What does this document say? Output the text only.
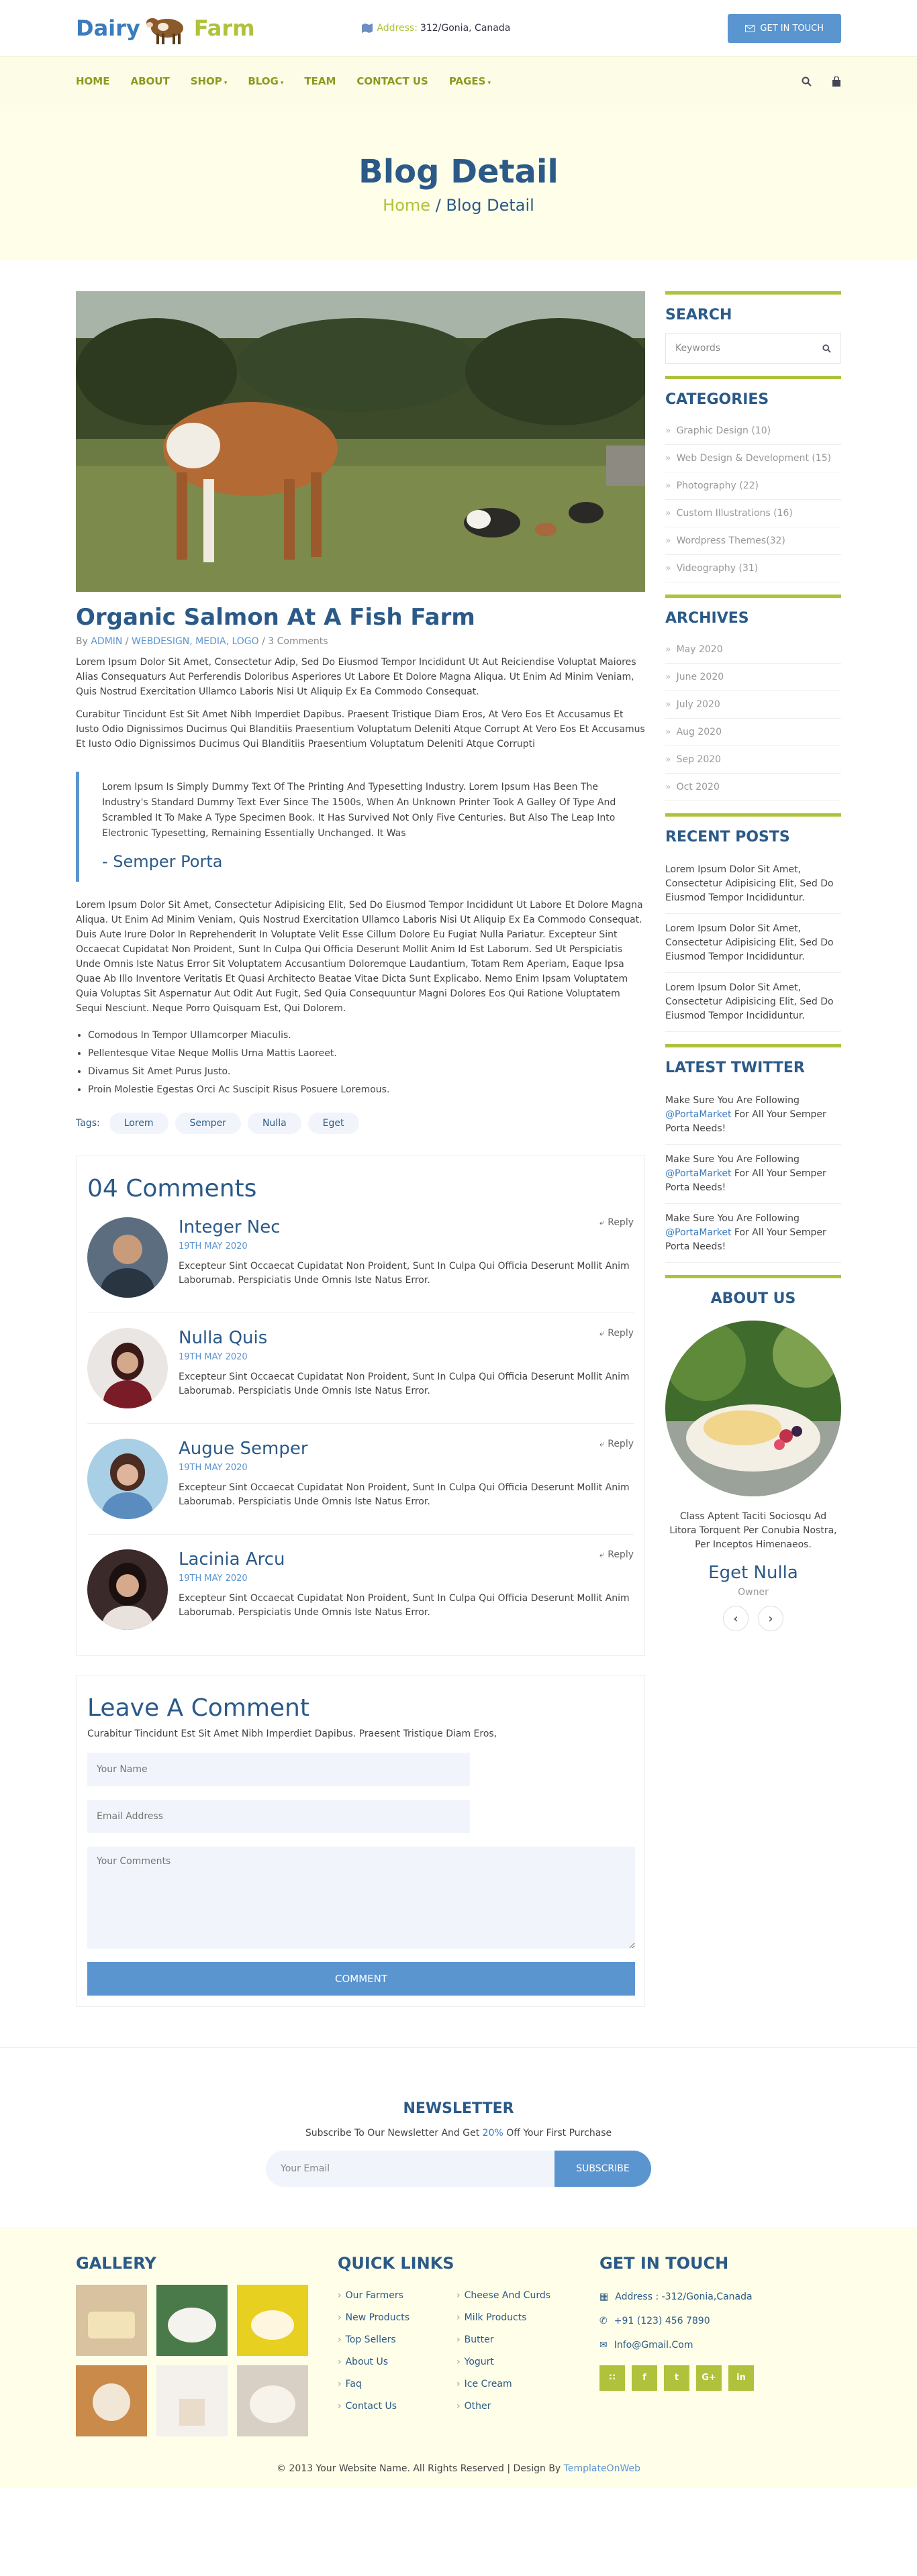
Dairy	Farm	Address: 312/Gonia, Canada	GET IN TOUCH
HOME ABOUT SHOP ▾ BLOG ▾ TEAM CONTACT US PAGES ▾
Blog Detail
Home / Blog Detail
Organic Salmon At A Fish Farm
By ADMIN / WEBDESIGN, MEDIA, LOGO / 3 Comments

Lorem Ipsum Dolor Sit Amet, Consectetur Adip, Sed Do Eiusmod Tempor Incididunt Ut Aut Reiciendise Voluptat Maiores Alias Consequaturs Aut Perferendis Doloribus Asperiores Ut Labore Et Dolore Magna Aliqua. Ut Enim Ad Minim Veniam, Quis Nostrud Exercitation Ullamco Laboris Nisi Ut Aliquip Ex Ea Commodo Consequat.

Curabitur Tincidunt Est Sit Amet Nibh Imperdiet Dapibus. Praesent Tristique Diam Eros, At Vero Eos Et Accusamus Et Iusto Odio Dignissimos Ducimus Qui Blanditiis Praesentium Voluptatum Deleniti Atque Corrupt At Vero Eos Et Accusamus Et Iusto Odio Dignissimos Ducimus Qui Blanditiis Praesentium Voluptatum Deleniti Atque Corrupti

Lorem Ipsum Is Simply Dummy Text Of The Printing And Typesetting Industry. Lorem Ipsum Has Been The Industry's Standard Dummy Text Ever Since The 1500s, When An Unknown Printer Took A Galley Of Type And Scrambled It To Make A Type Specimen Book. It Has Survived Not Only Five Centuries. But Also The Leap Into Electronic Typesetting, Remaining Essentially Unchanged. It Was

- Semper Porta

Lorem Ipsum Dolor Sit Amet, Consectetur Adipisicing Elit, Sed Do Eiusmod Tempor Incididunt Ut Labore Et Dolore Magna Aliqua. Ut Enim Ad Minim Veniam, Quis Nostrud Exercitation Ullamco Laboris Nisi Ut Aliquip Ex Ea Commodo Consequat. Duis Aute Irure Dolor In Reprehenderit In Voluptate Velit Esse Cillum Dolore Eu Fugiat Nulla Pariatur. Excepteur Sint Occaecat Cupidatat Non Proident, Sunt In Culpa Qui Officia Deserunt Mollit Anim Id Est Laborum. Sed Ut Perspiciatis Unde Omnis Iste Natus Error Sit Voluptatem Accusantium Doloremque Laudantium, Totam Rem Aperiam, Eaque Ipsa Quae Ab Illo Inventore Veritatis Et Quasi Architecto Beatae Vitae Dicta Sunt Explicabo. Nemo Enim Ipsam Voluptatem Quia Voluptas Sit Aspernatur Aut Odit Aut Fugit, Sed Quia Consequuntur Magni Dolores Eos Qui Ratione Voluptatem Sequi Nesciunt. Neque Porro Quisquam Est, Qui Dolorem.

• Comodous In Tempor Ullamcorper Miaculis.
• Pellentesque Vitae Neque Mollis Urna Mattis Laoreet.
• Divamus Sit Amet Purus Justo.
• Proin Molestie Egestas Orci Ac Suscipit Risus Posuere Loremous.
Tags:	Lorem	Semper	Nulla	Eget
04 Comments
Integer Nec	⤶ Reply
19TH MAY 2020
Excepteur Sint Occaecat Cupidatat Non Proident, Sunt In Culpa Qui Officia Deserunt Mollit Anim Laborumab. Perspiciatis Unde Omnis Iste Natus Error.
Nulla Quis	⤶ Reply
19TH MAY 2020
Excepteur Sint Occaecat Cupidatat Non Proident, Sunt In Culpa Qui Officia Deserunt Mollit Anim Laborumab. Perspiciatis Unde Omnis Iste Natus Error.
Augue Semper	⤶ Reply
19TH MAY 2020
Excepteur Sint Occaecat Cupidatat Non Proident, Sunt In Culpa Qui Officia Deserunt Mollit Anim Laborumab. Perspiciatis Unde Omnis Iste Natus Error.
Lacinia Arcu	⤶ Reply
19TH MAY 2020
Excepteur Sint Occaecat Cupidatat Non Proident, Sunt In Culpa Qui Officia Deserunt Mollit Anim Laborumab. Perspiciatis Unde Omnis Iste Natus Error.
Leave A Comment

Curabitur Tincidunt Est Sit Amet Nibh Imperdiet Dapibus. Praesent Tristique Diam Eros,

Your Name
Email Address
Your Comments COMMENT
SEARCH
Keywords
CATEGORIES
» Graphic Design (10)
» Web Design & Development (15)
» Photography (22)
» Custom Illustrations (16)
» Wordpress Themes(32)
» Videography (31)
ARCHIVES
» May 2020
» June 2020
» July 2020
» Aug 2020
» Sep 2020
» Oct 2020
RECENT POSTS
Lorem Ipsum Dolor Sit Amet, Consectetur Adipisicing Elit, Sed Do Eiusmod Tempor Incididuntur.
Lorem Ipsum Dolor Sit Amet, Consectetur Adipisicing Elit, Sed Do Eiusmod Tempor Incididuntur.
Lorem Ipsum Dolor Sit Amet, Consectetur Adipisicing Elit, Sed Do Eiusmod Tempor Incididuntur.
LATEST TWITTER
Make Sure You Are Following @PortaMarket For All Your Semper Porta Needs!
Make Sure You Are Following @PortaMarket For All Your Semper Porta Needs!
Make Sure You Are Following @PortaMarket For All Your Semper Porta Needs!
ABOUT US

Class Aptent Taciti Sociosqu Ad Litora Torquent Per Conubia Nostra, Per Inceptos Himenaeos.

Eget Nulla
Owner
‹	›
NEWSLETTER

Subscribe To Our Newsletter And Get 20% Off Your First Purchase

Your Email	SUBSCRIBE
GALLERY	QUICK LINKS
› Our Farmers
› New Products
› Top Sellers
› About Us
› Faq
› Contact Us
› Cheese And Curds
› Milk Products
› Butter
› Yogurt
› Ice Cream
› Other
GET IN TOUCH
▦ Address : -312/Gonia,Canada
✆ +91 (123) 456 7890
✉ Info@Gmail.Com
∷	f	t	G+	in
© 2013 Your Website Name. All Rights Reserved | Design By TemplateOnWeb
